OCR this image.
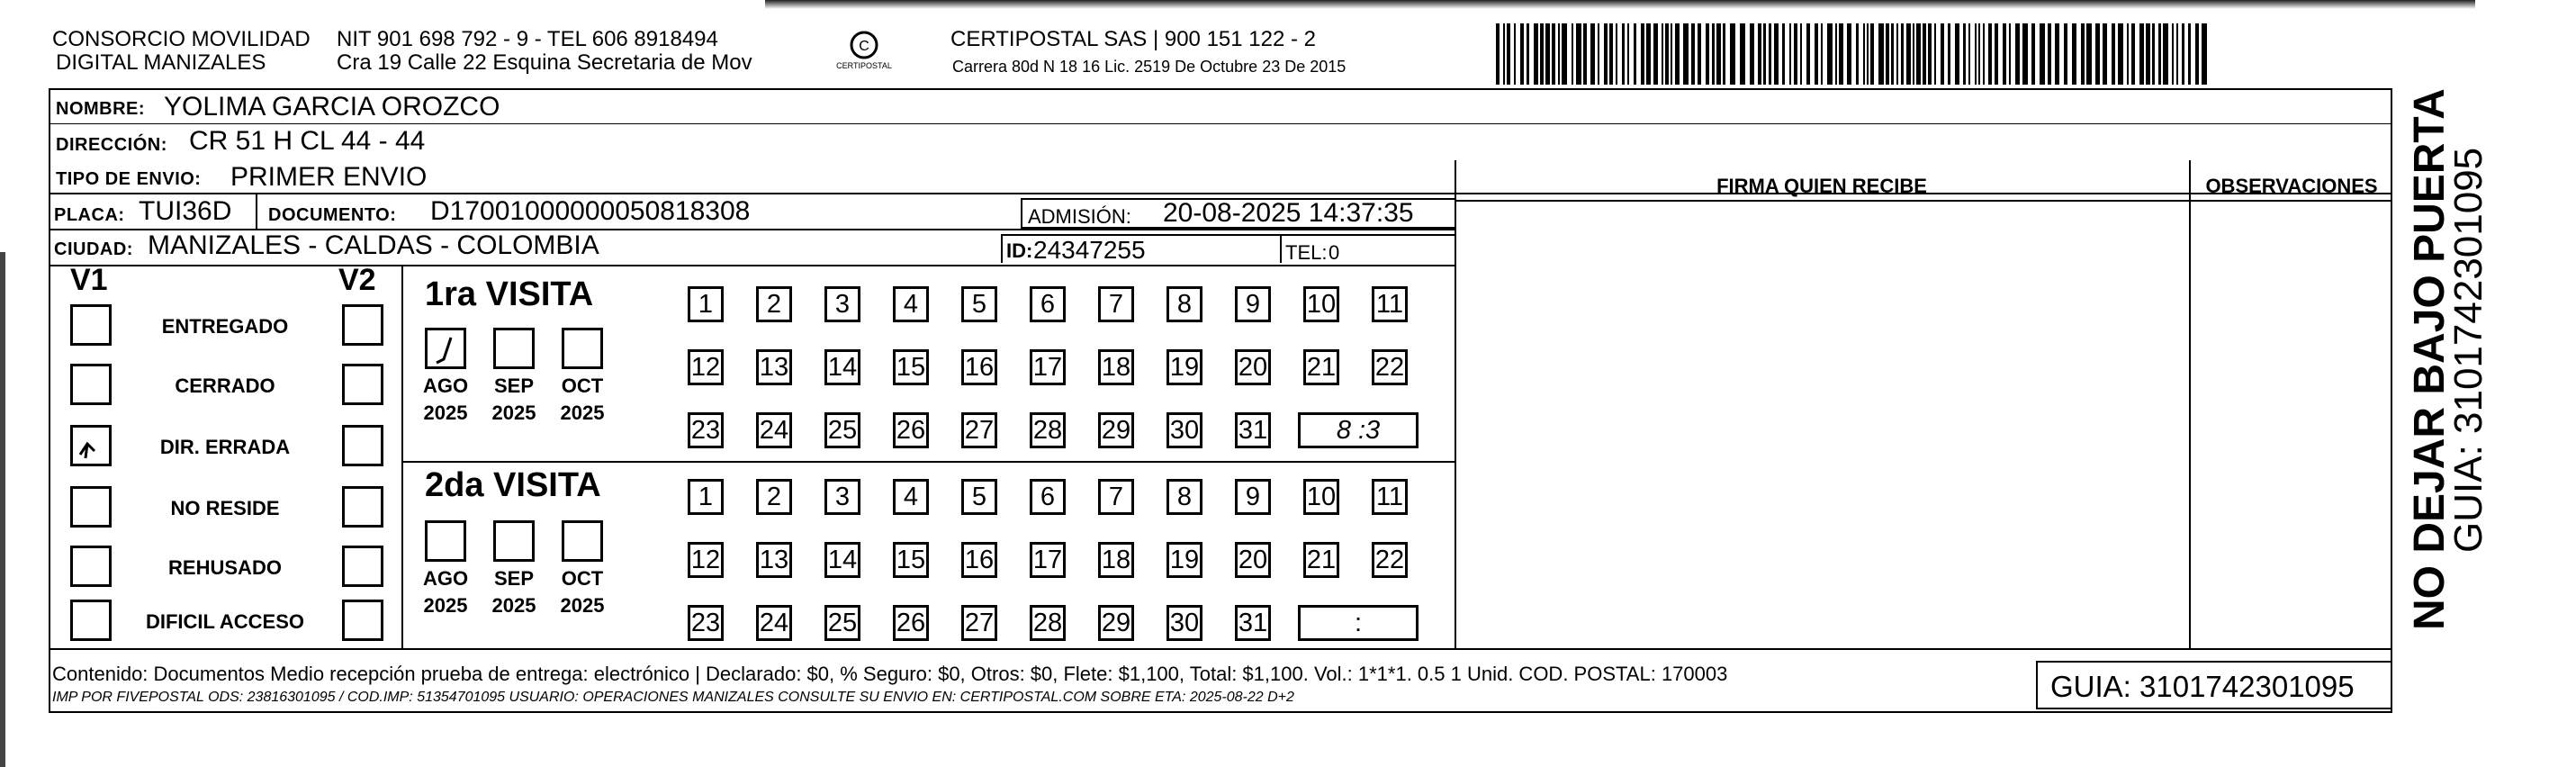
CONSORCIO MOVILIDAD
DIGITAL MANIZALES
NIT 901 698 792 - 9 - TEL 606 8918494
Cra 19 Calle 22 Esquina Secretaria de Mov
C
CERTIPOSTAL
CERTIPOSTAL SAS | 900 151 122 - 2
Carrera 80d N 18 16 Lic. 2519 De Octubre 23 De 2015
NOMBRE: YOLIMA GARCIA OROZCO
DIRECCIÓN: CR 51 H CL 44 - 44
TIPO DE ENVIO: PRIMER ENVIO
PLACA: TUI36D DOCUMENTO: D17001000000050818308	ADMISIÓN: 20-08-2025 14:37:35
CIUDAD: MANIZALES - CALDAS - COLOMBIA	ID: 24347255	TEL: 0
FIRMA QUIEN RECIBE	OBSERVACIONES
V1	V2
ENTREGADO
CERRADO
DIR. ERRADA
NO RESIDE
REHUSADO
DIFICIL ACCESO
1ra VISITA
2da VISITA
AGO
2025
SEP
2025
OCT
2025
1	2	3	4	5	6	7	8	9	10 11
12 13 14 15 16 17 18 19 20 21 22
23 24 25 26 27 28 29 30 31	8 :3
AGO
2025
SEP
2025
OCT
2025
1	2	3	4	5	6	7	8	9	10 11
12 13 14 15 16 17 18 19 20 21 22
23 24 25 26 27 28 29 30 31	:
Contenido: Documentos Medio recepción prueba de entrega: electrónico | Declarado: $0, % Seguro: $0, Otros: $0, Flete: $1,100, Total: $1,100. Vol.: 1*1*1. 0.5 1 Unid. COD. POSTAL: 170003
IMP POR FIVEPOSTAL ODS: 23816301095 / COD.IMP: 51354701095 USUARIO: OPERACIONES MANIZALES CONSULTE SU ENVIO EN: CERTIPOSTAL.COM SOBRE ETA: 2025-08-22 D+2	GUIA: 3101742301095
NO DEJAR BAJO PUERTA
GUIA: 3101742301095
